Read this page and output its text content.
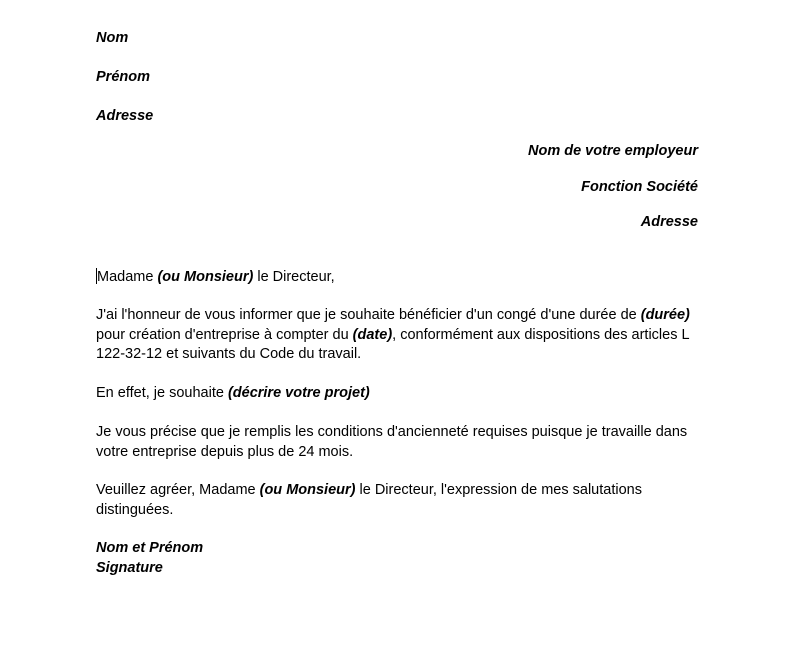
Nom
Prénom
Adresse
Nom de votre employeur
Fonction Société
Adresse
Madame (ou Monsieur) le Directeur,
J'ai l'honneur de vous informer que je souhaite bénéficier d'un congé d'une durée de (durée) pour création d'entreprise à compter du (date), conformément aux dispositions des articles L 122-32-12 et suivants du Code du travail.
En effet, je souhaite (décrire votre projet)
Je vous précise que je remplis les conditions d'ancienneté requises puisque je travaille dans votre entreprise depuis plus de 24 mois.
Veuillez agréer, Madame (ou Monsieur) le Directeur, l'expression de mes salutations distinguées.
Nom et Prénom
Signature
